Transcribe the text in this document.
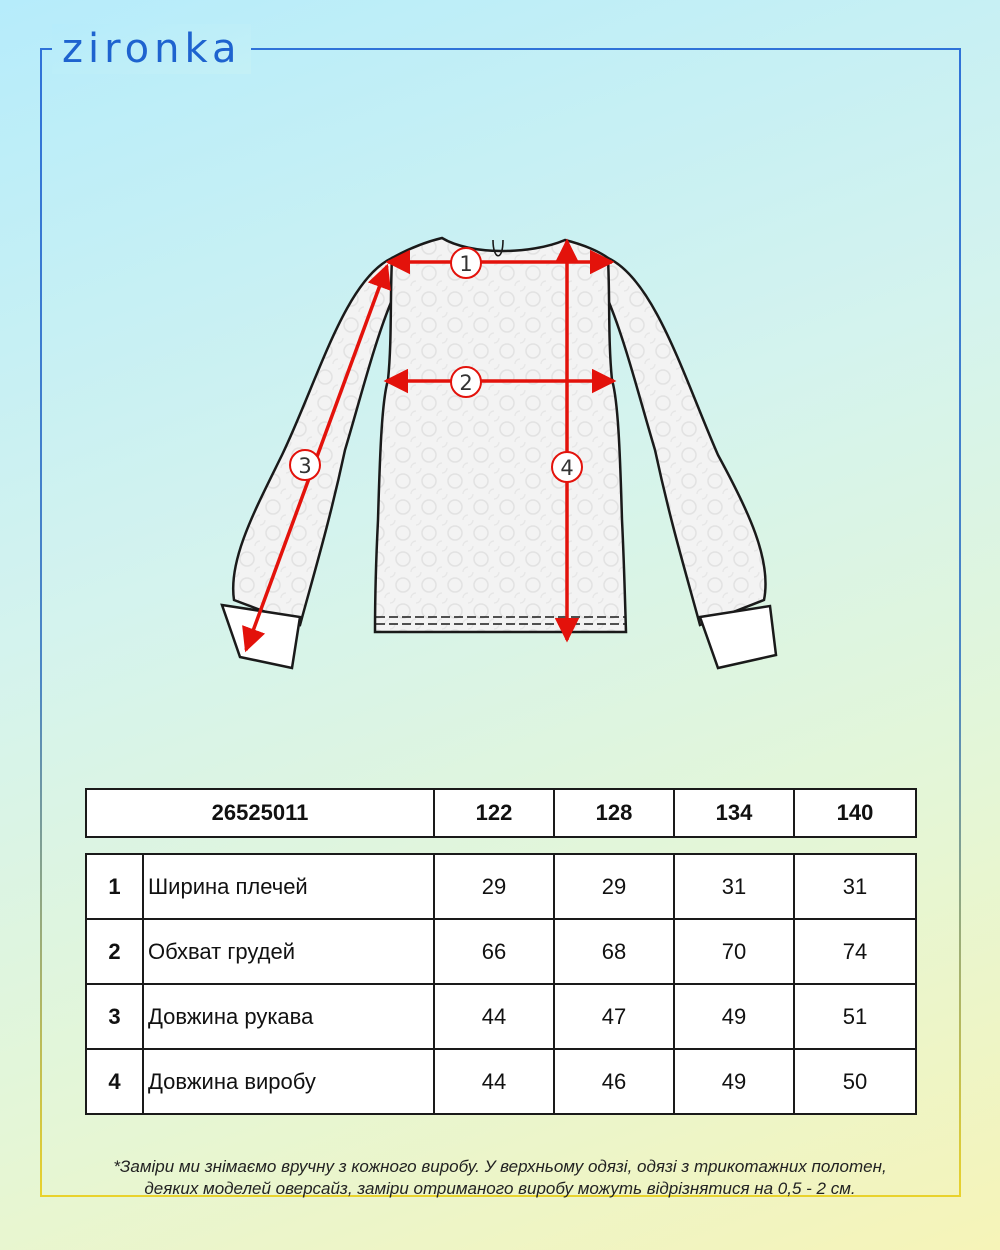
zironka
1
2
3	4
26525011	122	128	134	140
1	Ширина плечей	29	29	31	31
2	Обхват грудей	66	68	70	74
3	Довжина рукава	44	47	49	51
4	Довжина виробу	44	46	49	50
*Заміри ми знімаємо вручну з кожного виробу. У верхньому одязі, одязі з трикотажних полотен,
деяких моделей оверсайз, заміри отриманого виробу можуть відрізнятися на 0,5 - 2 см.
